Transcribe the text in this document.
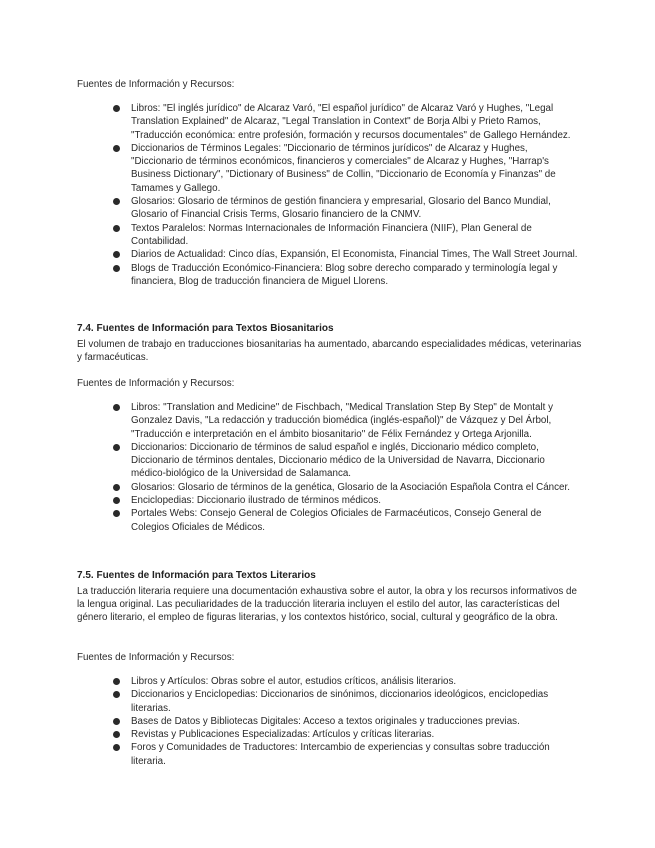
Fuentes de Información y Recursos:

Libros: "El inglés jurídico" de Alcaraz Varó, "El español jurídico" de Alcaraz Varó y Hughes, "Legal Translation Explained" de Alcaraz, "Legal Translation in Context" de Borja Albi y Prieto Ramos, "Traducción económica: entre profesión, formación y recursos documentales" de Gallego Hernández.
Diccionarios de Términos Legales: "Diccionario de términos jurídicos" de Alcaraz y Hughes, "Diccionario de términos económicos, financieros y comerciales" de Alcaraz y Hughes, "Harrap's Business Dictionary", "Dictionary of Business" de Collin, "Diccionario de Economía y Finanzas" de Tamames y Gallego.
Glosarios: Glosario de términos de gestión financiera y empresarial, Glosario del Banco Mundial, Glosario of Financial Crisis Terms, Glosario financiero de la CNMV.
Textos Paralelos: Normas Internacionales de Información Financiera (NIIF), Plan General de Contabilidad.
Diarios de Actualidad: Cinco días, Expansión, El Economista, Financial Times, The Wall Street Journal.
Blogs de Traducción Económico-Financiera: Blog sobre derecho comparado y terminología legal y financiera, Blog de traducción financiera de Miguel Llorens.
7.4. Fuentes de Información para Textos Biosanitarios

El volumen de trabajo en traducciones biosanitarias ha aumentado, abarcando especialidades médicas, veterinarias y farmacéuticas.

Fuentes de Información y Recursos:

Libros: "Translation and Medicine" de Fischbach, "Medical Translation Step By Step" de Montalt y Gonzalez Davis, "La redacción y traducción biomédica (inglés-español)" de Vázquez y Del Árbol, "Traducción e interpretación en el ámbito biosanitario" de Félix Fernández y Ortega Arjonilla.
Diccionarios: Diccionario de términos de salud español e inglés, Diccionario médico completo, Diccionario de términos dentales, Diccionario médico de la Universidad de Navarra, Diccionario médico-biológico de la Universidad de Salamanca.
Glosarios: Glosario de términos de la genética, Glosario de la Asociación Española Contra el Cáncer.
Enciclopedias: Diccionario ilustrado de términos médicos.
Portales Webs: Consejo General de Colegios Oficiales de Farmacéuticos, Consejo General de Colegios Oficiales de Médicos.
7.5. Fuentes de Información para Textos Literarios

La traducción literaria requiere una documentación exhaustiva sobre el autor, la obra y los recursos informativos de la lengua original. Las peculiaridades de la traducción literaria incluyen el estilo del autor, las características del género literario, el empleo de figuras literarias, y los contextos histórico, social, cultural y geográfico de la obra.

Fuentes de Información y Recursos:

Libros y Artículos: Obras sobre el autor, estudios críticos, análisis literarios.
Diccionarios y Enciclopedias: Diccionarios de sinónimos, diccionarios ideológicos, enciclopedias literarias.
Bases de Datos y Bibliotecas Digitales: Acceso a textos originales y traducciones previas.
Revistas y Publicaciones Especializadas: Artículos y críticas literarias.
Foros y Comunidades de Traductores: Intercambio de experiencias y consultas sobre traducción literaria.
